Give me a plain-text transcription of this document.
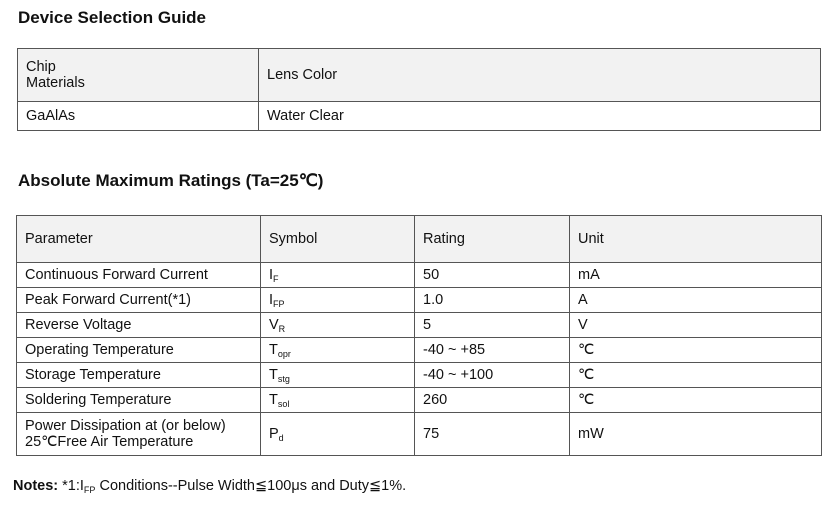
Device Selection Guide

Chip
Materials	Lens Color
GaAlAs	Water Clear

Absolute Maximum Ratings (Ta=25℃)

Parameter	Symbol	Rating	Unit
Continuous Forward Current	$I_F$	50	mA
Peak Forward Current(*1)	$I_{FP}$	1.0	A
Reverse Voltage	$V_R$	5	V
Operating Temperature	$T_{opr}$	-40 ~ +85	℃
Storage Temperature	$T_{stg}$	-40 ~ +100	℃
Soldering Temperature	$T_{sol}$	260	℃
Power Dissipation at (or below)
25℃Free Air Temperature	$P_d$	75	mW

Notes: $*1:I_{FP}$ Conditions--Pulse Width≦100μs and Duty≦1%.
